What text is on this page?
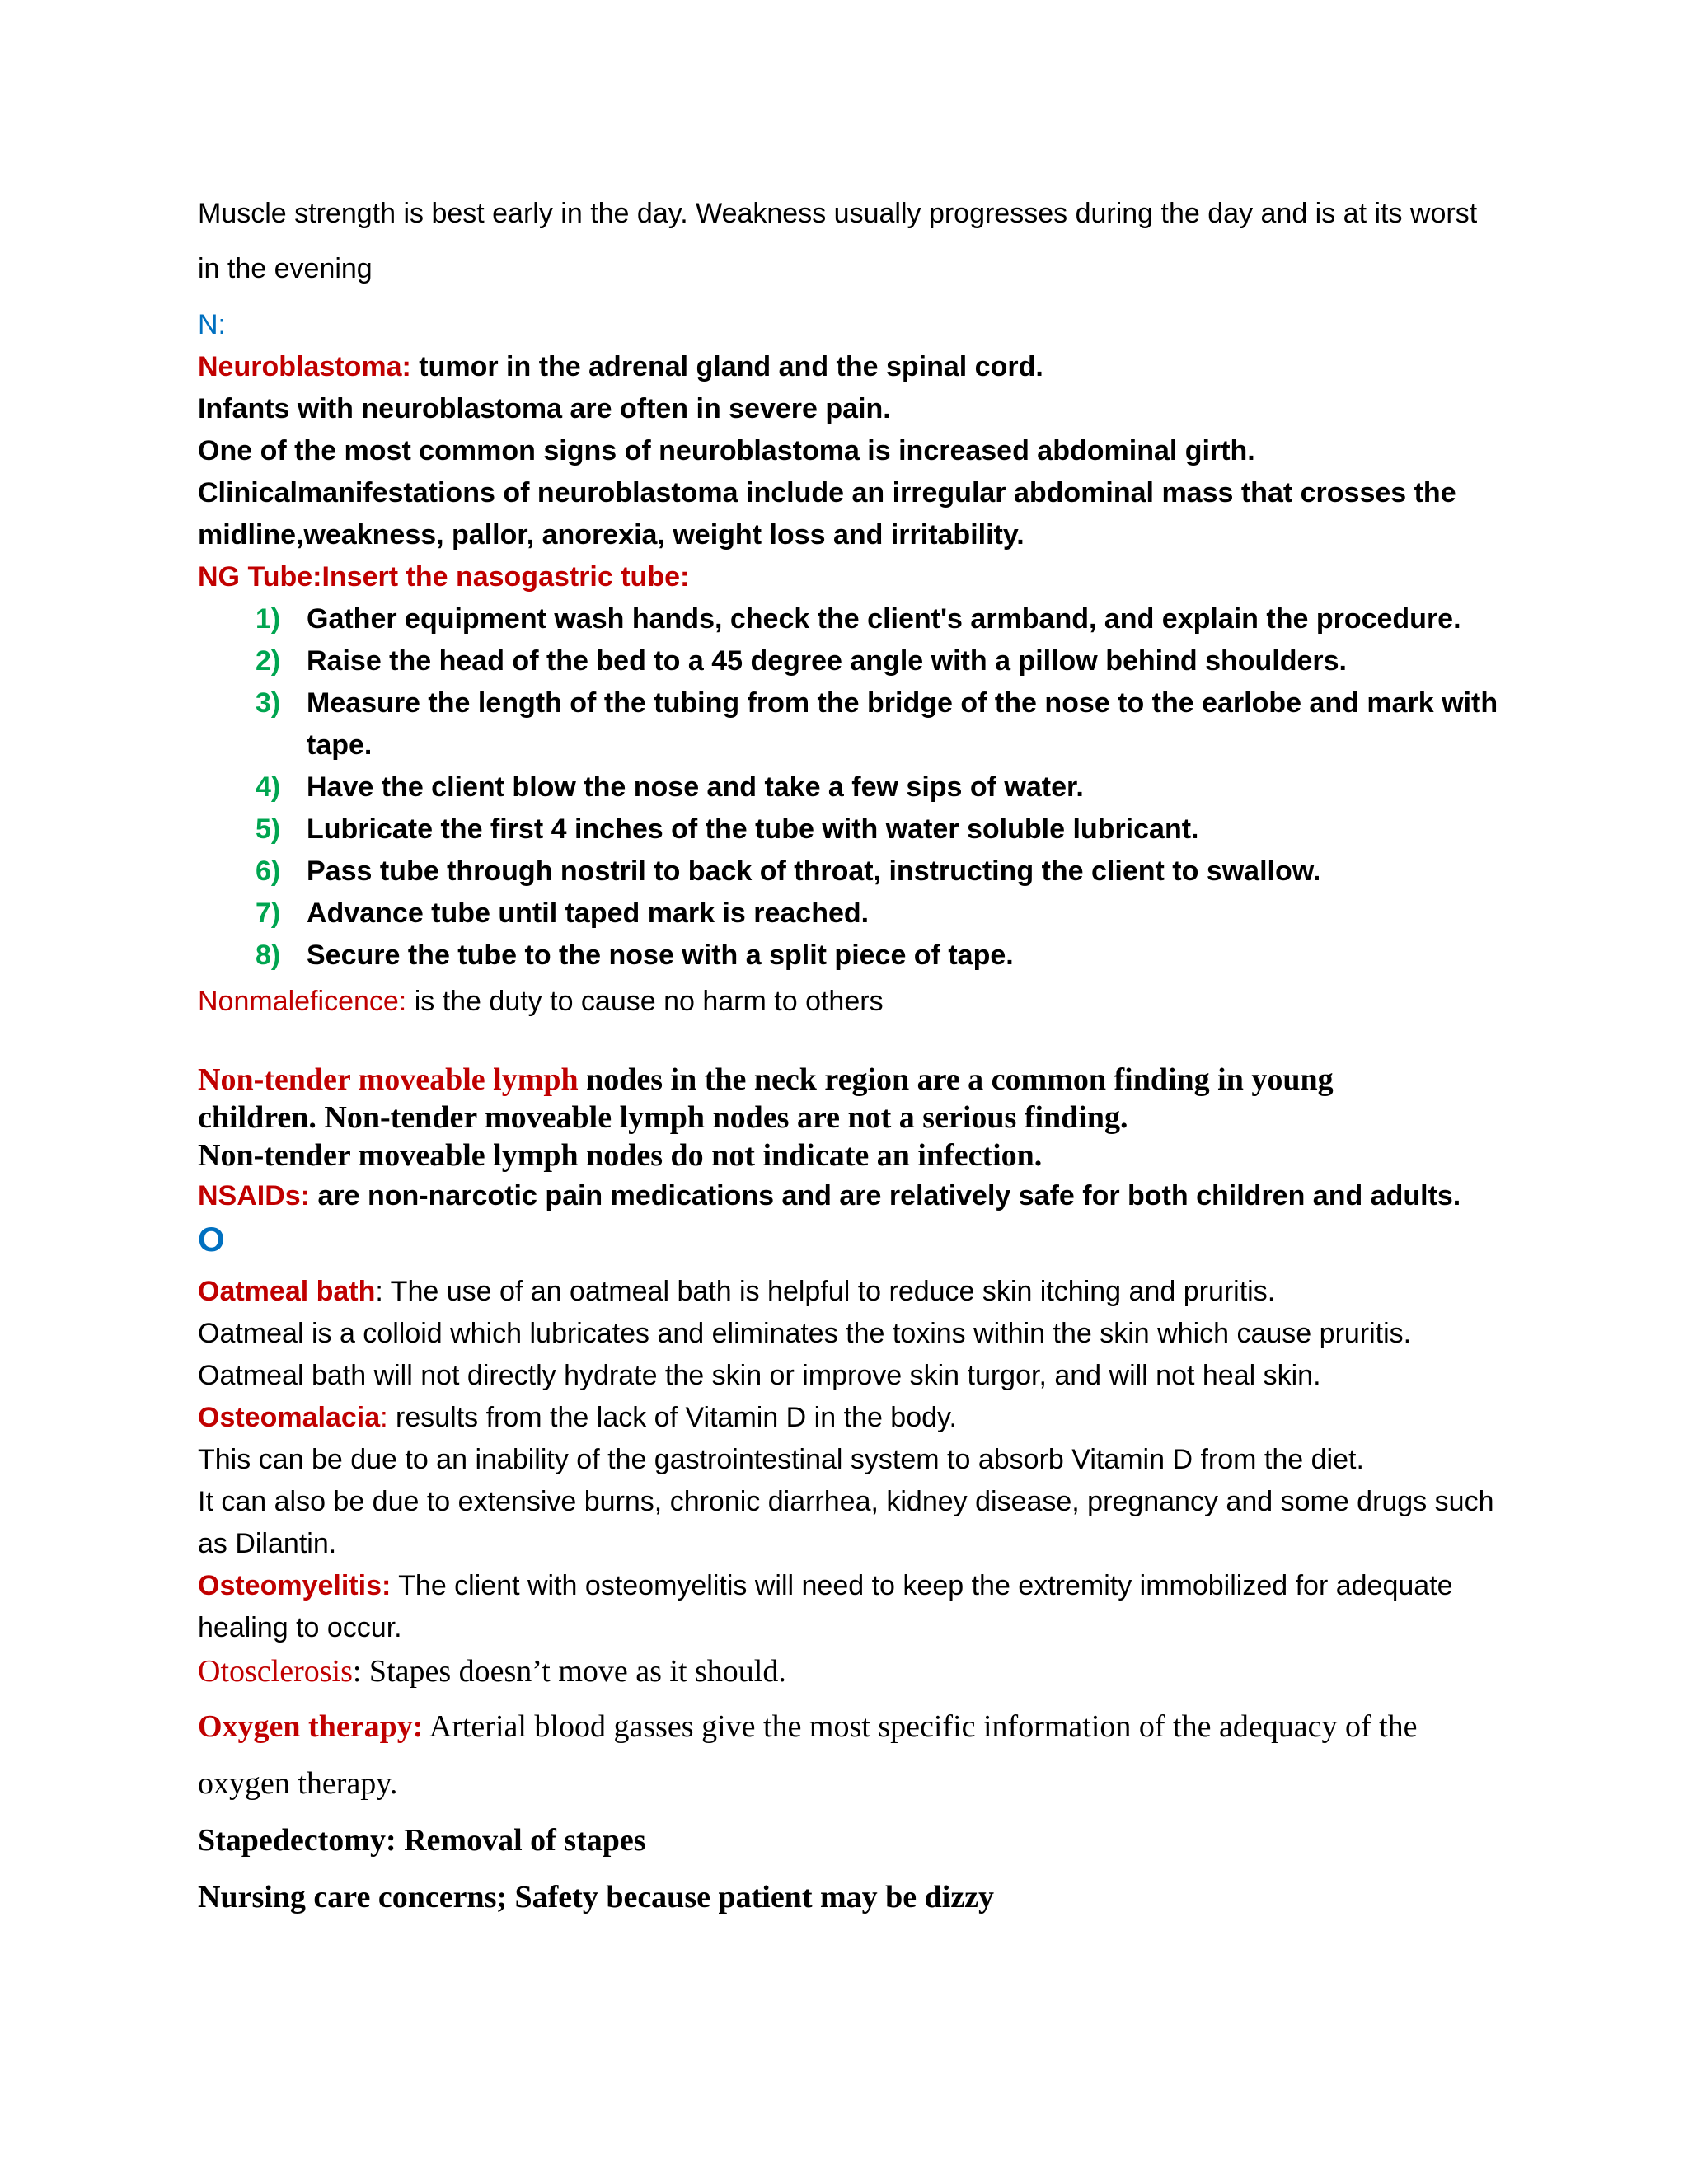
Muscle strength is best early in the day. Weakness usually progresses during the day and is at its worst
in the evening
N:
Neuroblastoma: tumor in the adrenal gland and the spinal cord.
Infants with neuroblastoma are often in severe pain.
One of the most common signs of neuroblastoma is increased abdominal girth.
Clinicalmanifestations of neuroblastoma include an irregular abdominal mass that crosses the
midline,weakness, pallor, anorexia, weight loss and irritability.
NG Tube:Insert the nasogastric tube:
1) Gather equipment wash hands, check the client's armband, and explain the procedure.
2) Raise the head of the bed to a 45 degree angle with a pillow behind shoulders.
3) Measure the length of the tubing from the bridge of the nose to the earlobe and mark with
tape.
4) Have the client blow the nose and take a few sips of water.
5) Lubricate the first 4 inches of the tube with water soluble lubricant.
6) Pass tube through nostril to back of throat, instructing the client to swallow.
7) Advance tube until taped mark is reached.
8) Secure the tube to the nose with a split piece of tape.
Nonmaleficence: is the duty to cause no harm to others
Non-tender moveable lymph nodes in the neck region are a common finding in young
children. Non-tender moveable lymph nodes are not a serious finding.
Non-tender moveable lymph nodes do not indicate an infection.
NSAIDs: are non-narcotic pain medications and are relatively safe for both children and adults.
O
Oatmeal bath: The use of an oatmeal bath is helpful to reduce skin itching and pruritis.
Oatmeal is a colloid which lubricates and eliminates the toxins within the skin which cause pruritis.
Oatmeal bath will not directly hydrate the skin or improve skin turgor, and will not heal skin.
Osteomalacia: results from the lack of Vitamin D in the body.
This can be due to an inability of the gastrointestinal system to absorb Vitamin D from the diet.
It can also be due to extensive burns, chronic diarrhea, kidney disease, pregnancy and some drugs such
as Dilantin.
Osteomyelitis: The client with osteomyelitis will need to keep the extremity immobilized for adequate
healing to occur.
Otosclerosis: Stapes doesn’t move as it should.
Oxygen therapy: Arterial blood gasses give the most specific information of the adequacy of the
oxygen therapy.
Stapedectomy: Removal of stapes
Nursing care concerns; Safety because patient may be dizzy
